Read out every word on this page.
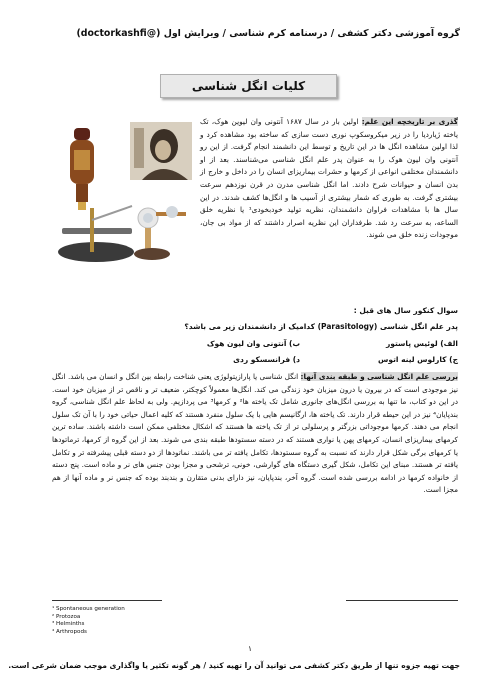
گروه آموزشی دکتر کشفی / درسنامه کرم شناسی / ویرایش اول (@doctorkashfi)
کلیات انگل شناسی

گذری بر تاریخچه این علم: اولین بار در سال ۱۶۸۷ آنتونی وان لیوین هوک، تک یاخته ژیاردیا را در زیر میکروسکوپ نوری دست سازی که ساخته بود مشاهده کرد و لذا اولین مشاهده انگل ها در این تاریخ و توسط این دانشمند انجام گرفت. از این رو آنتونی وان لیون هوک را به عنوان پدر علم انگل شناسی می‌شناسند. بعد از او دانشمندان مختلفی انواعی از کرمها و حشرات بیماریزای انسان را در داخل و خارج از بدن انسان و حیوانات شرح دادند. اما انگل شناسی مدرن در قرن نوزدهم سرعت بیشتری گرفت. به طوری که شمار بیشتری از آسیب ها و انگل‌ها کشف شدند. در این سال ها با مشاهدات فراوان دانشمندان، نظریه تولید خودبخودی¹ یا نظریه خلق الساعه، به سرعت رد شد. طرفداران این نظریه اصرار داشتند که از مواد بی جان، موجودات زنده خلق می شوند.

سوال کنکور سال های قبل :
پدر علم انگل شناسی (Parasitology) کدامیک از دانشمندان زیر می باشد؟
الف) لوئیس پاستور
ب) آنتونی وان لیون هوک
ج) کارلوس لینه اتوس
د) فرانسسکو ردی

بررسی علم انگل شناسی و طبقه بندی آنها: انگل شناسی یا پارازیتولوژی یعنی شناخت رابطه بین انگل و انسان می باشد. انگل نیز موجودی است که در بیرون یا درون میزبان خود زندگی می کند. انگل‌ها معمولاً کوچکتر، ضعیف تر و ناقص تر از میزبان خود است. در این دو کتاب، ما تنها به بررسی انگل‌های جانوری شامل تک یاخته ها² و کرمها³ می پردازیم. ولی به لحاظ علم انگل شناسی، گروه بندپایان⁴ نیز در این حیطه قرار دارند. تک یاخته ها، ارگانیسم هایی با یک سلول منفرد هستند که کلیه اعمال حیاتی خود را با آن تک سلول انجام می دهند. کرمها موجوداتی بزرگتر و پرسلولی تر از تک یاخته ها هستند که اشکال مختلفی ممکن است داشته باشند. ساده ترین کرمهای بیماریزای انسان، کرمهای پهن یا نواری هستند که در دسته سستودها طبقه بندی می شوند. بعد از این گروه از کرمها، ترماتودها یا کرمهای برگی شکل قرار دارند که نسبت به گروه سستودها، تکامل یافته تر می باشند. نماتودها از دو دسته قبلی پیشرفته تر و تکامل یافته تر هستند. مبنای این تکامل، شکل گیری دستگاه های گوارشی، خونی، ترشحی و مجزا بودن جنس های نر و ماده است. پنج دسته از خانواده کرمها در ادامه بررسی شده است. گروه آخر، بندپایان، نیز دارای بدنی متقارن و بندبند بوده که جنس نر و ماده آنها از هم مجزا است.

¹ Spontaneous generation
² Protozoa
³ Helminths
⁴ Arthropods
۱
جهت تهیه جزوه تنها از طریق دکتر کشفی می توانید آن را تهیه کنید / هر گونه تکثیر یا واگذاری موجب ضمان شرعی است.
